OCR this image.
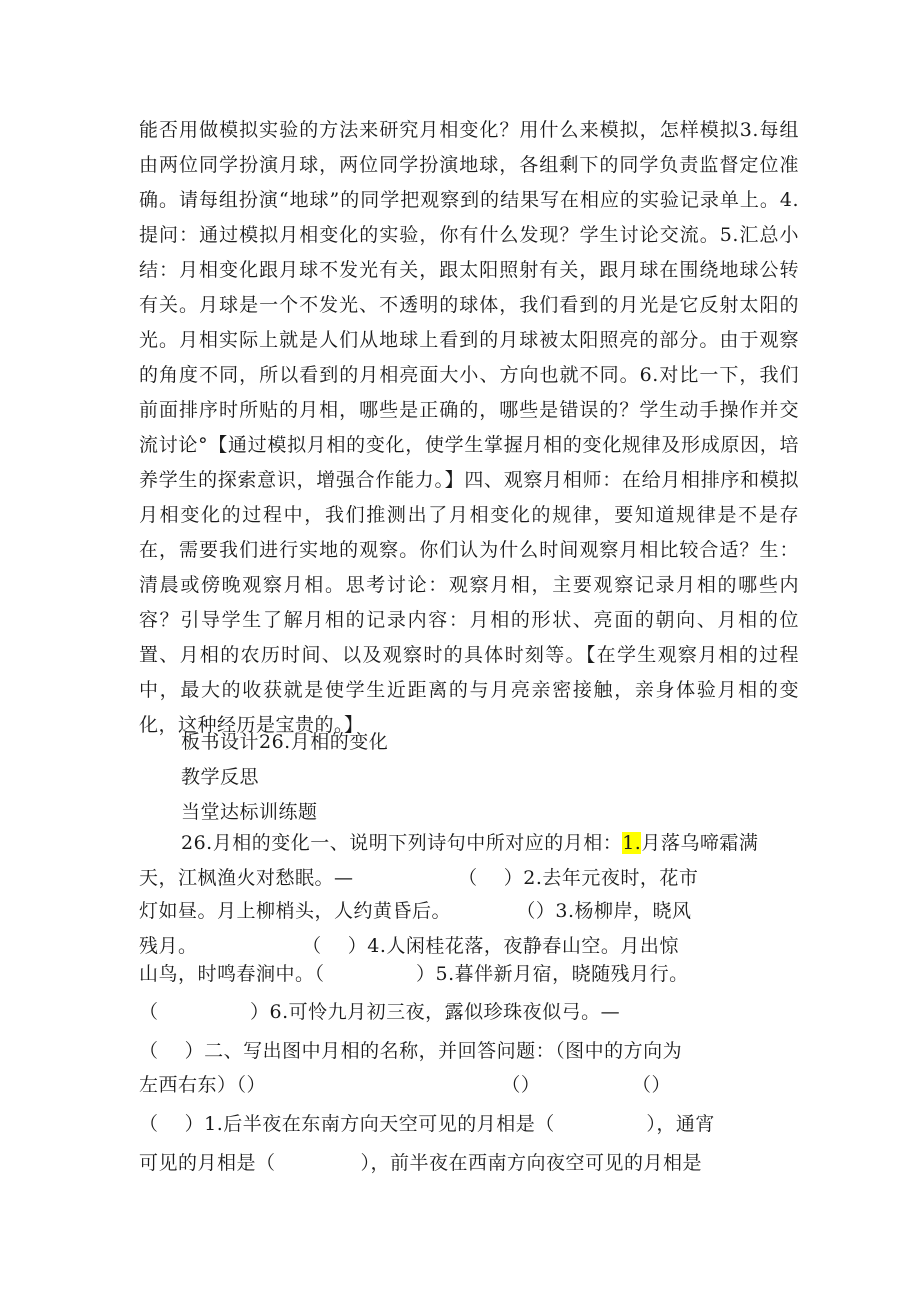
能否用做模拟实验的方法来研究月相变化？用什么来模拟，怎样模拟3.每组由两位同学扮演月球，两位同学扮演地球，各组剩下的同学负责监督定位准确。请每组扮演“地球”的同学把观察到的结果写在相应的实验记录单上。4.提问：通过模拟月相变化的实验，你有什么发现？学生讨论交流。5.汇总小结：月相变化跟月球不发光有关，跟太阳照射有关，跟月球在围绕地球公转有关。月球是一个不发光、不透明的球体，我们看到的月光是它反射太阳的光。月相实际上就是人们从地球上看到的月球被太阳照亮的部分。由于观察的角度不同，所以看到的月相亮面大小、方向也就不同。6.对比一下，我们前面排序时所贴的月相，哪些是正确的，哪些是错误的？学生动手操作并交流讨论°【通过模拟月相的变化，使学生掌握月相的变化规律及形成原因，培养学生的探索意识，增强合作能力。】四、观察月相师：在给月相排序和模拟月相变化的过程中，我们推测出了月相变化的规律，要知道规律是不是存在，需要我们进行实地的观察。你们认为什么时间观察月相比较合适？生：清晨或傍晚观察月相。思考讨论：观察月相，主要观察记录月相的哪些内容？引导学生了解月相的记录内容：月相的形状、亮面的朝向、月相的位置、月相的农历时间、以及观察时的具体时刻等。【在学生观察月相的过程中，最大的收获就是使学生近距离的与月亮亲密接触，亲身体验月相的变化，这种经历是宝贵的。】

板书设计26.月相的变化

教学反思

当堂达标训练题

26.月相的变化一、说明下列诗句中所对应的月相：1.月落乌啼霜满

天，江枫渔火对愁眠。—                （    ）2.去年元夜时，花市

灯如昼。月上柳梢头，人约黄昏后。          （）3.杨柳岸，晓风

残月。                （    ）4.人闲桂花落，夜静春山空。月出惊

山鸟，时鸣春涧中。（              ）5.暮伴新月宿，晓随残月行。

（              ）6.可怜九月初三夜，露似珍珠夜似弓。—

（    ）二、写出图中月相的名称，并回答问题：（图中的方向为

左西右东）（）                                    （）              （）

（    ）1.后半夜在东南方向天空可见的月相是（              ），通宵

可见的月相是（             ），前半夜在西南方向夜空可见的月相是
